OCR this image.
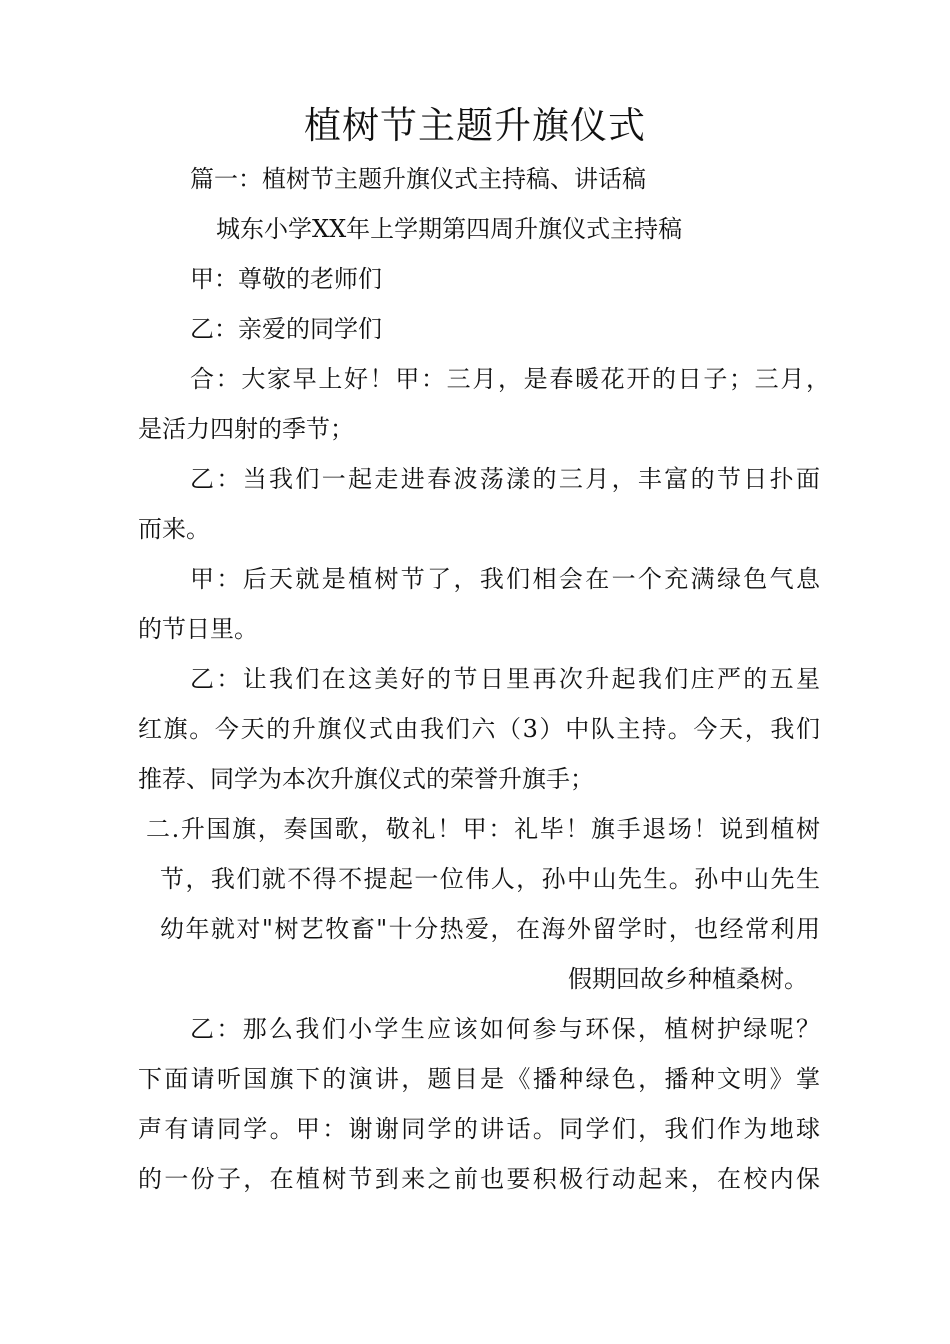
植树节主题升旗仪式
篇一：植树节主题升旗仪式主持稿、讲话稿
城东小学XX年上学期第四周升旗仪式主持稿
甲：尊敬的老师们
乙：亲爱的同学们
合：大家早上好！甲：三月，是春暖花开的日子；三月，
是活力四射的季节；
乙：当我们一起走进春波荡漾的三月，丰富的节日扑面
而来。
甲：后天就是植树节了，我们相会在一个充满绿色气息
的节日里。
乙：让我们在这美好的节日里再次升起我们庄严的五星
红旗。今天的升旗仪式由我们六（3）中队主持。今天，我们
推荐、同学为本次升旗仪式的荣誉升旗手；
二.升国旗，奏国歌，敬礼！甲：礼毕！旗手退场！说到植树
节，我们就不得不提起一位伟人，孙中山先生。孙中山先生
幼年就对"树艺牧畜"十分热爱，在海外留学时，也经常利用
假期回故乡种植桑树。
乙：那么我们小学生应该如何参与环保，植树护绿呢？
下面请听国旗下的演讲，题目是《播种绿色，播种文明》掌
声有请同学。甲：谢谢同学的讲话。同学们，我们作为地球
的一份子，在植树节到来之前也要积极行动起来，在校内保
